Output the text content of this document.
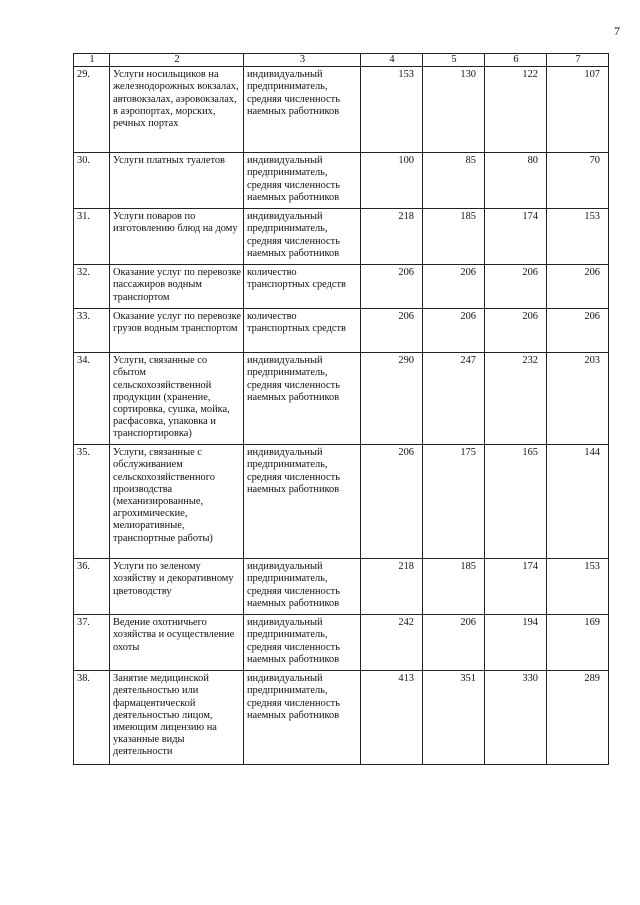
7
1	2	3	4	5	6	7
29.	Услуги носильщиков на железнодорожных вокзалах, автовокзалах, аэровокзалах, в аэропортах, морских, речных портах	индивидуальный предприниматель, средняя численность наемных работников	153	130	122	107
30.	Услуги платных туалетов	индивидуальный предприниматель, средняя численность наемных работников	100	85	80	70
31.	Услуги поваров по изготовлению блюд на дому	индивидуальный предприниматель, средняя численность наемных работников	218	185	174	153
32.	Оказание услуг по перевозке пассажиров водным транспортом	количество транспортных средств	206	206	206	206
33.	Оказание услуг по перевозке грузов водным транспортом	количество транспортных средств	206	206	206	206
34.	Услуги, связанные со сбытом сельскохозяйственной продукции (хранение, сортировка, сушка, мойка, расфасовка, упаковка и транспортировка)	индивидуальный предприниматель, средняя численность наемных работников	290	247	232	203
35.	Услуги, связанные с обслуживанием сельскохозяйственного производства (механизированные, агрохимические, мелиоративные, транспортные работы)	индивидуальный предприниматель, средняя численность наемных работников	206	175	165	144
36.	Услуги по зеленому хозяйству и декоративному цветоводству	индивидуальный предприниматель, средняя численность наемных работников	218	185	174	153
37.	Ведение охотничьего хозяйства и осуществление охоты	индивидуальный предприниматель, средняя численность наемных работников	242	206	194	169
38.	Занятие медицинской деятельностью или фармацевтической деятельностью лицом, имеющим лицензию на указанные виды деятельности	индивидуальный предприниматель, средняя численность наемных работников	413	351	330	289
